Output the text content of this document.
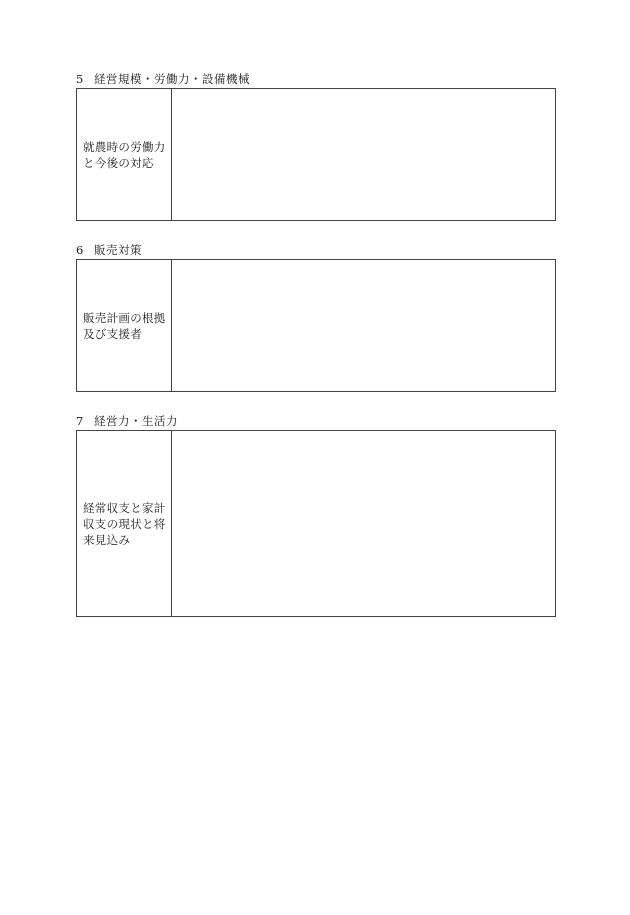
5 経営規模・労働力・設備機械
就農時の労働力
と今後の対応
6 販売対策
販売計画の根拠
及び支援者
7 経営力・生活力
経常収支と家計
収支の現状と将
来見込み
